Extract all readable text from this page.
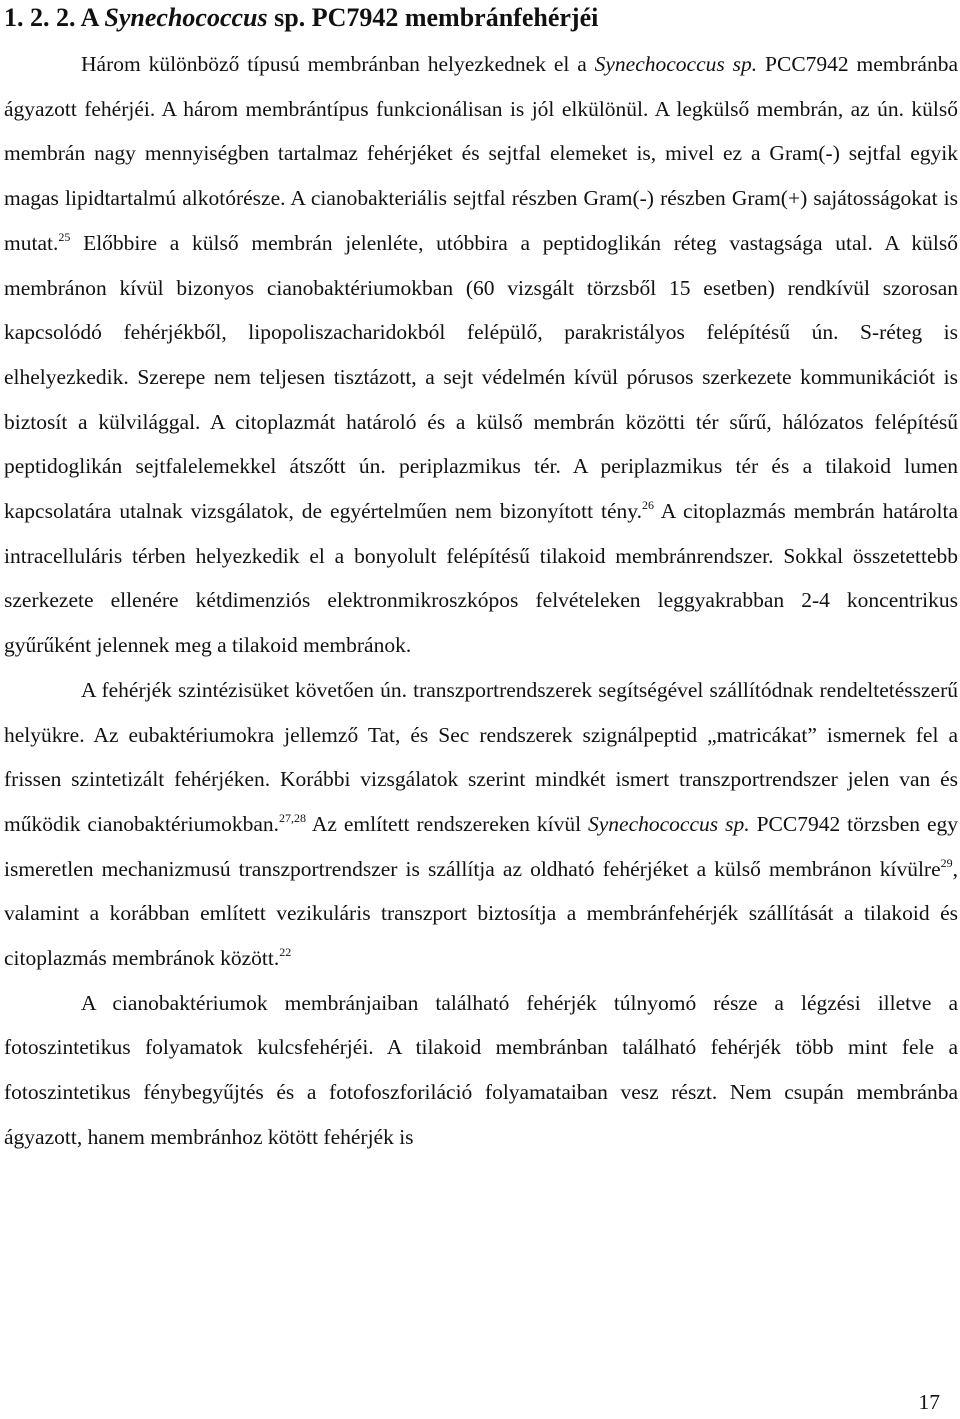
1. 2. 2. A Synechococcus sp. PC7942 membránfehérjéi

Három különböző típusú membránban helyezkednek el a Synechococcus sp. PCC7942 membránba ágyazott fehérjéi. A három membrántípus funkcionálisan is jól elkülönül. A legkülső membrán, az ún. külső membrán nagy mennyiségben tartalmaz fehérjéket és sejtfal elemeket is, mivel ez a Gram(-) sejtfal egyik magas lipidtartalmú alkotórésze. A cianobakteriális sejtfal részben Gram(-) részben Gram(+) sajátosságokat is mutat.$^{25}$ Előbbire a külső membrán jelenléte, utóbbira a peptidoglikán réteg vastagsága utal. A külső membránon kívül bizonyos cianobaktériumokban (60 vizsgált törzsből 15 esetben) rendkívül szorosan kapcsolódó fehérjékből, lipopoliszacharidokból felépülő, parakristályos felépítésű ún. S-réteg is elhelyezkedik. Szerepe nem teljesen tisztázott, a sejt védelmén kívül pórusos szerkezete kommunikációt is biztosít a külvilággal. A citoplazmát határoló és a külső membrán közötti tér sűrű, hálózatos felépítésű peptidoglikán sejtfalelemekkel átszőtt ún. periplazmikus tér. A periplazmikus tér és a tilakoid lumen kapcsolatára utalnak vizsgálatok, de egyértelműen nem bizonyított tény.$^{26}$ A citoplazmás membrán határolta intracelluláris térben helyezkedik el a bonyolult felépítésű tilakoid membránrendszer. Sokkal összetettebb szerkezete ellenére kétdimenziós elektronmikroszkópos felvételeken leggyakrabban 2-4 koncentrikus gyűrűként jelennek meg a tilakoid membránok.

A fehérjék szintézisüket követően ún. transzportrendszerek segítségével szállítódnak rendeltetésszerű helyükre. Az eubaktériumokra jellemző Tat, és Sec rendszerek szignálpeptid „matricákat” ismernek fel a frissen szintetizált fehérjéken. Korábbi vizsgálatok szerint mindkét ismert transzportrendszer jelen van és működik cianobaktériumokban.$^{27,28}$ Az említett rendszereken kívül Synechococcus sp. PCC7942 törzsben egy ismeretlen mechanizmusú transzportrendszer is szállítja az oldható fehérjéket a külső membránon kívülre$^{29}$, valamint a korábban említett vezikuláris transzport biztosítja a membránfehérjék szállítását a tilakoid és citoplazmás membránok között.$^{22}$

A cianobaktériumok membránjaiban található fehérjék túlnyomó része a légzési illetve a fotoszintetikus folyamatok kulcsfehérjéi. A tilakoid membránban található fehérjék több mint fele a fotoszintetikus fénybegyűjtés és a fotofoszforiláció folyamataiban vesz részt. Nem csupán membránba ágyazott, hanem membránhoz kötött fehérjék is

17
